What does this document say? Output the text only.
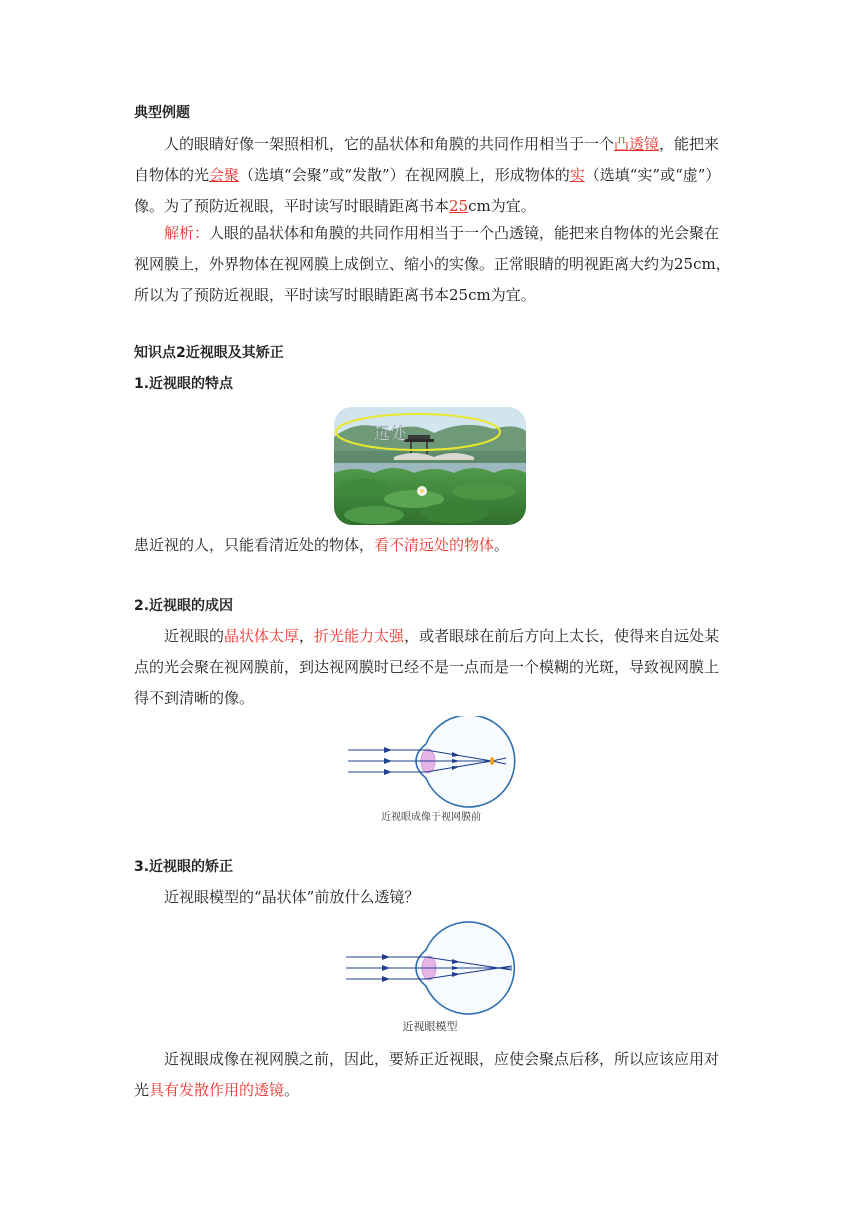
典型例题

人的眼睛好像一架照相机，它的晶状体和角膜的共同作用相当于一个凸透镜，能把来自物体的光会聚（选填“会聚”或“发散”）在视网膜上，形成物体的实（选填“实”或“虚”）像。为了预防近视眼，平时读写时眼睛距离书本25cm为宜。

解析：人眼的晶状体和角膜的共同作用相当于一个凸透镜，能把来自物体的光会聚在视网膜上，外界物体在视网膜上成倒立、缩小的实像。正常眼睛的明视距离大约为25cm，所以为了预防近视眼，平时读写时眼睛距离书本25cm为宜。

知识点2近视眼及其矫正

1.近视眼的特点

远处

患近视的人，只能看清近处的物体，看不清远处的物体。

2.近视眼的成因

近视眼的晶状体太厚，折光能力太强，或者眼球在前后方向上太长，使得来自远处某点的光会聚在视网膜前，到达视网膜时已经不是一点而是一个模糊的光斑，导致视网膜上得不到清晰的像。

近视眼成像于视网膜前

3.近视眼的矫正

近视眼模型的“晶状体”前放什么透镜？

近视眼模型

近视眼成像在视网膜之前，因此，要矫正近视眼，应使会聚点后移，所以应该应用对光具有发散作用的透镜。
